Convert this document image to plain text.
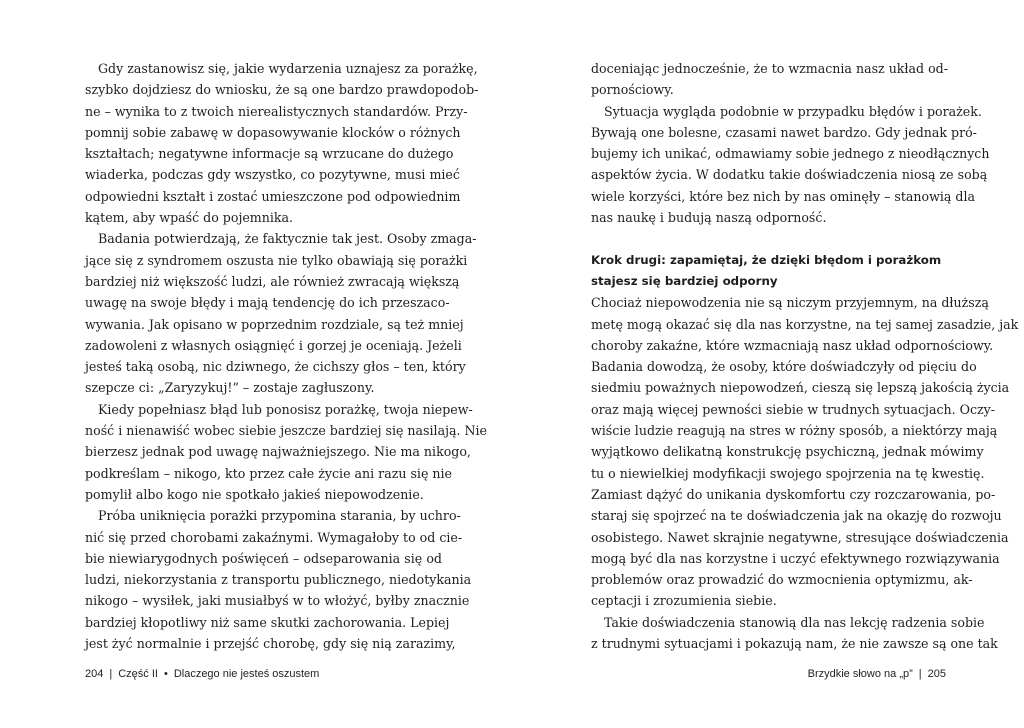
Gdy zastanowisz się, jakie wydarzenia uznajesz za porażkę,
szybko dojdziesz do wniosku, że są one bardzo prawdopodob-
ne – wynika to z twoich nierealistycznych standardów. Przy-
pomnij sobie zabawę w dopasowywanie klocków o różnych
kształtach; negatywne informacje są wrzucane do dużego
wiaderka, podczas gdy wszystko, co pozytywne, musi mieć
odpowiedni kształt i zostać umieszczone pod odpowiednim
kątem, aby wpaść do pojemnika.
Badania potwierdzają, że faktycznie tak jest. Osoby zmaga-
jące się z syndromem oszusta nie tylko obawiają się porażki
bardziej niż większość ludzi, ale również zwracają większą
uwagę na swoje błędy i mają tendencję do ich przeszaco-
wywania. Jak opisano w poprzednim rozdziale, są też mniej
zadowoleni z własnych osiągnięć i gorzej je oceniają. Jeżeli
jesteś taką osobą, nic dziwnego, że cichszy głos – ten, który
szepcze ci: „Zaryzykuj!” – zostaje zagłuszony.
Kiedy popełniasz błąd lub ponosisz porażkę, twoja niepew-
ność i nienawiść wobec siebie jeszcze bardziej się nasilają. Nie
bierzesz jednak pod uwagę najważniejszego. Nie ma nikogo,
podkreślam – nikogo, kto przez całe życie ani razu się nie
pomylił albo kogo nie spotkało jakieś niepowodzenie.
Próba uniknięcia porażki przypomina starania, by uchro-
nić się przed chorobami zakaźnymi. Wymagałoby to od cie-
bie niewiarygodnych poświęceń – odseparowania się od
ludzi, niekorzystania z transportu publicznego, niedotykania
nikogo – wysiłek, jaki musiałbyś w to włożyć, byłby znacznie
bardziej kłopotliwy niż same skutki zachorowania. Lepiej
jest żyć normalnie i przejść chorobę, gdy się nią zarazimy,
204 | Część II • Dlaczego nie jesteś oszustem
doceniając jednocześnie, że to wzmacnia nasz układ od-
pornościowy.
Sytuacja wygląda podobnie w przypadku błędów i porażek.
Bywają one bolesne, czasami nawet bardzo. Gdy jednak pró-
bujemy ich unikać, odmawiamy sobie jednego z nieodłącznych
aspektów życia. W dodatku takie doświadczenia niosą ze sobą
wiele korzyści, które bez nich by nas ominęły – stanowią dla
nas naukę i budują naszą odporność.
Krok drugi: zapamiętaj, że dzięki błędom i porażkom
stajesz się bardziej odporny
Chociaż niepowodzenia nie są niczym przyjemnym, na dłuższą
metę mogą okazać się dla nas korzystne, na tej samej zasadzie, jak
choroby zakaźne, które wzmacniają nasz układ odpornościowy.
Badania dowodzą, że osoby, które doświadczyły od pięciu do
siedmiu poważnych niepowodzeń, cieszą się lepszą jakością życia
oraz mają więcej pewności siebie w trudnych sytuacjach. Oczy-
wiście ludzie reagują na stres w różny sposób, a niektórzy mają
wyjątkowo delikatną konstrukcję psychiczną, jednak mówimy
tu o niewielkiej modyfikacji swojego spojrzenia na tę kwestię.
Zamiast dążyć do unikania dyskomfortu czy rozczarowania, po-
staraj się spojrzeć na te doświadczenia jak na okazję do rozwoju
osobistego. Nawet skrajnie negatywne, stresujące doświadczenia
mogą być dla nas korzystne i uczyć efektywnego rozwiązywania
problemów oraz prowadzić do wzmocnienia optymizmu, ak-
ceptacji i zrozumienia siebie.
Takie doświadczenia stanowią dla nas lekcję radzenia sobie
z trudnymi sytuacjami i pokazują nam, że nie zawsze są one tak
Brzydkie słowo na „p” | 205
